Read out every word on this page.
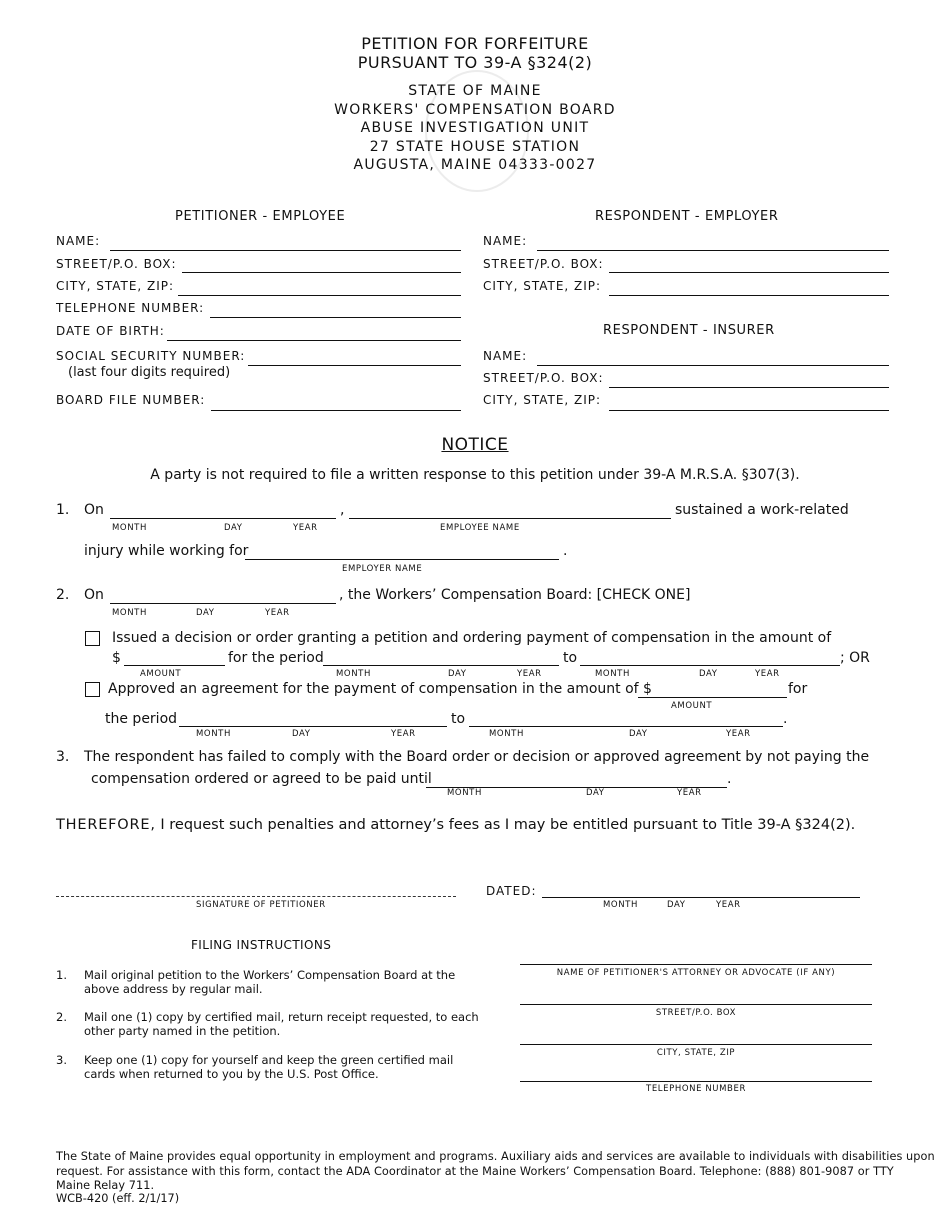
PETITION FOR FORFEITURE
PURSUANT TO 39-A §324(2)
STATE OF MAINE
WORKERS' COMPENSATION BOARD
ABUSE INVESTIGATION UNIT
27 STATE HOUSE STATION
AUGUSTA, MAINE 04333-0027
PETITIONER - EMPLOYEE
NAME:
STREET/P.O. BOX:
CITY, STATE, ZIP:
TELEPHONE NUMBER:
DATE OF BIRTH:
SOCIAL SECURITY NUMBER:
(last four digits required)
BOARD FILE NUMBER:
RESPONDENT - EMPLOYER
NAME:
STREET/P.O. BOX:
CITY, STATE, ZIP:
RESPONDENT - INSURER
NAME:
STREET/P.O. BOX:
CITY, STATE, ZIP:
NOTICE
A party is not required to file a written response to this petition under 39-A M.R.S.A. §307(3).
1. On	,	sustained a work-related
MONTH	DAY	YEAR	EMPLOYEE NAME
injury while working for	.
EMPLOYER NAME
2. On	, the Workers’ Compensation Board: [CHECK ONE]
MONTH	DAY	YEAR
Issued a decision or order granting a petition and ordering payment of compensation in the amount of
$	for the period	to	; OR
AMOUNT	MONTH	DAY	YEAR	MONTH	DAY	YEAR
Approved an agreement for the payment of compensation in the amount of $	for
AMOUNT
the period	to	.
MONTH	DAY	YEAR	MONTH	DAY	YEAR
3. The respondent has failed to comply with the Board order or decision or approved agreement by not paying the
compensation ordered or agreed to be paid until	.
MONTH	DAY	YEAR
THEREFORE, I request such penalties and attorney’s fees as I may be entitled pursuant to Title 39-A §324(2).
SIGNATURE OF PETITIONER
DATED:
MONTH	DAY	YEAR
FILING INSTRUCTIONS
1. Mail original petition to the Workers’ Compensation Board at the
above address by regular mail.
2. Mail one (1) copy by certified mail, return receipt requested, to each
other party named in the petition.
3. Keep one (1) copy for yourself and keep the green certified mail
cards when returned to you by the U.S. Post Office.
NAME OF PETITIONER'S ATTORNEY OR ADVOCATE (IF ANY)
STREET/P.O. BOX
CITY, STATE, ZIP
TELEPHONE NUMBER
The State of Maine provides equal opportunity in employment and programs. Auxiliary aids and services are available to individuals with disabilities upon
request. For assistance with this form, contact the ADA Coordinator at the Maine Workers’ Compensation Board. Telephone: (888) 801-9087 or TTY
Maine Relay 711.
WCB-420 (eff. 2/1/17)
